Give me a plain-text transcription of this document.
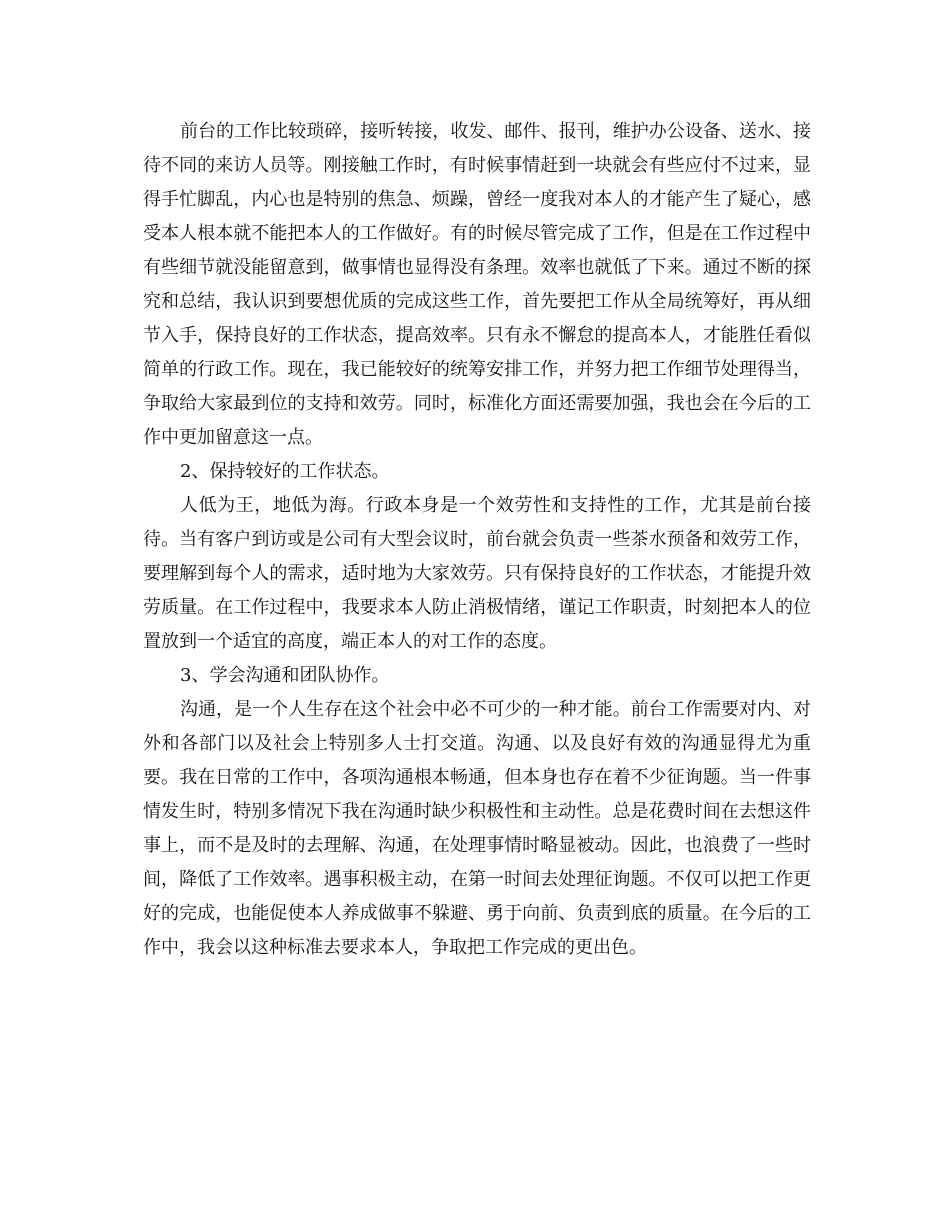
前台的工作比较琐碎，接听转接，收发、邮件、报刊，维护办公设备、送水、接待不同的来访人员等。刚接触工作时，有时候事情赶到一块就会有些应付不过来，显得手忙脚乱，内心也是特别的焦急、烦躁，曾经一度我对本人的才能产生了疑心，感受本人根本就不能把本人的工作做好。有的时候尽管完成了工作，但是在工作过程中有些细节就没能留意到，做事情也显得没有条理。效率也就低了下来。通过不断的探究和总结，我认识到要想优质的完成这些工作，首先要把工作从全局统筹好，再从细节入手，保持良好的工作状态，提高效率。只有永不懈怠的提高本人，才能胜任看似简单的行政工作。现在，我已能较好的统筹安排工作，并努力把工作细节处理得当，争取给大家最到位的支持和效劳。同时，标准化方面还需要加强，我也会在今后的工作中更加留意这一点。

2、保持较好的工作状态。

人低为王，地低为海。行政本身是一个效劳性和支持性的工作，尤其是前台接待。当有客户到访或是公司有大型会议时，前台就会负责一些茶水预备和效劳工作，要理解到每个人的需求，适时地为大家效劳。只有保持良好的工作状态，才能提升效劳质量。在工作过程中，我要求本人防止消极情绪，谨记工作职责，时刻把本人的位置放到一个适宜的高度，端正本人的对工作的态度。

3、学会沟通和团队协作。

沟通，是一个人生存在这个社会中必不可少的一种才能。前台工作需要对内、对外和各部门以及社会上特别多人士打交道。沟通、以及良好有效的沟通显得尤为重要。我在日常的工作中，各项沟通根本畅通，但本身也存在着不少征询题。当一件事情发生时，特别多情况下我在沟通时缺少积极性和主动性。总是花费时间在去想这件事上，而不是及时的去理解、沟通，在处理事情时略显被动。因此，也浪费了一些时间，降低了工作效率。遇事积极主动，在第一时间去处理征询题。不仅可以把工作更好的完成，也能促使本人养成做事不躲避、勇于向前、负责到底的质量。在今后的工作中，我会以这种标准去要求本人，争取把工作完成的更出色。
